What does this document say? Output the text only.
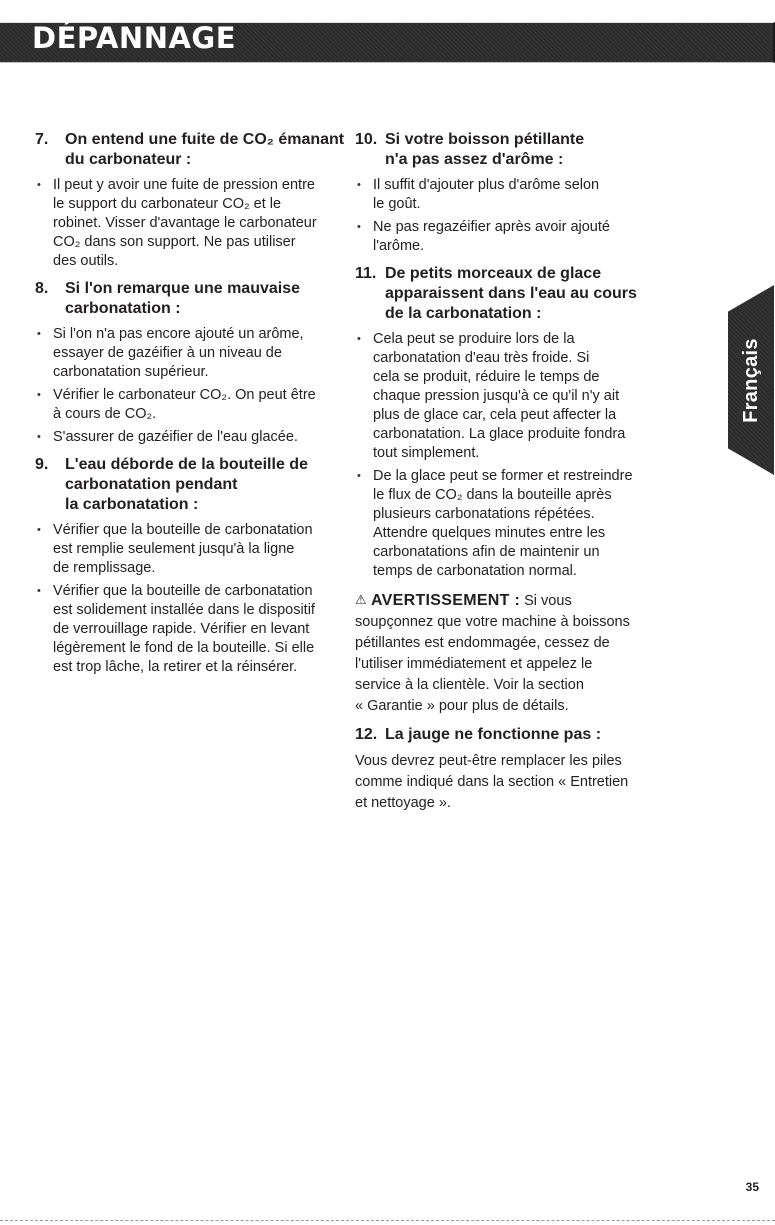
DÉPANNAGE
7. On entend une fuite de CO₂ émanant
du carbonateur :
• Il peut y avoir une fuite de pression entre
le support du carbonateur CO₂ et le
robinet. Visser d'avantage le carbonateur
CO₂ dans son support. Ne pas utiliser
des outils.
8. Si l'on remarque une mauvaise
carbonatation :
• Si l'on n'a pas encore ajouté un arôme,
essayer de gazéifier à un niveau de
carbonatation supérieur.
• Vérifier le carbonateur CO₂. On peut être
à cours de CO₂.
• S'assurer de gazéifier de l'eau glacée.
9. L'eau déborde de la bouteille de
carbonatation pendant
la carbonatation :
• Vérifier que la bouteille de carbonatation
est remplie seulement jusqu'à la ligne
de remplissage.
• Vérifier que la bouteille de carbonatation
est solidement installée dans le dispositif
de verrouillage rapide. Vérifier en levant
légèrement le fond de la bouteille. Si elle
est trop lâche, la retirer et la réinsérer.
10. Si votre boisson pétillante
n'a pas assez d'arôme :
• Il suffit d'ajouter plus d'arôme selon
le goût.
• Ne pas regazéifier après avoir ajouté
l'arôme.
11. De petits morceaux de glace
apparaissent dans l'eau au cours
de la carbonatation :
• Cela peut se produire lors de la
carbonatation d'eau très froide. Si
cela se produit, réduire le temps de
chaque pression jusqu'à ce qu'il n'y ait
plus de glace car, cela peut affecter la
carbonatation. La glace produite fondra
tout simplement.
• De la glace peut se former et restreindre
le flux de CO₂ dans la bouteille après
plusieurs carbonatations répétées.
Attendre quelques minutes entre les
carbonatations afin de maintenir un
temps de carbonatation normal.
⚠ AVERTISSEMENT : Si vous
soupçonnez que votre machine à boissons
pétillantes est endommagée, cessez de
l'utiliser immédiatement et appelez le
service à la clientèle. Voir la section
« Garantie » pour plus de détails.
12. La jauge ne fonctionne pas :

Vous devrez peut-être remplacer les piles
comme indiqué dans la section « Entretien
et nettoyage ».

Français
35
